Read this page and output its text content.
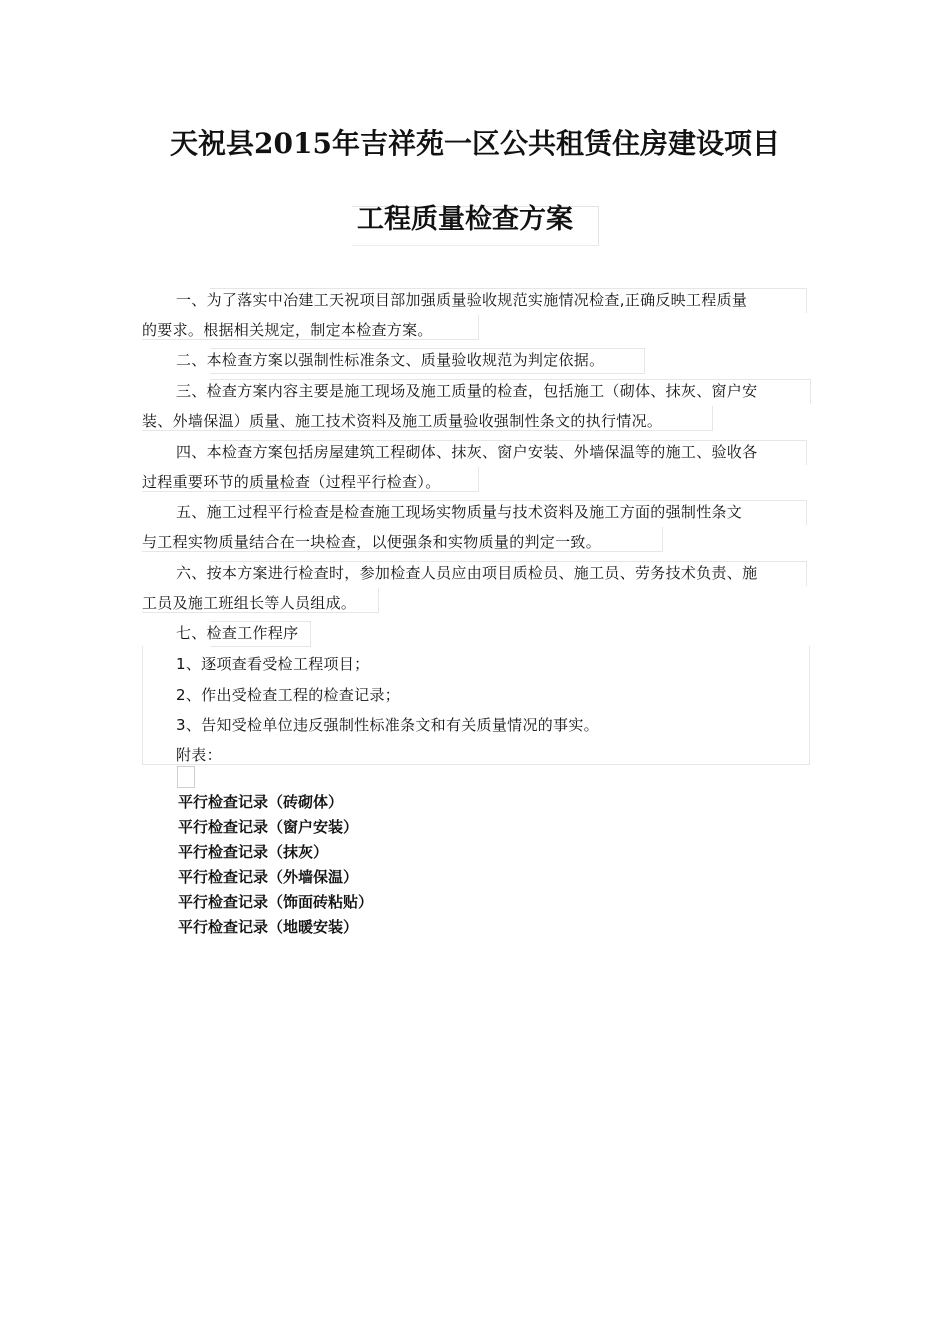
天祝县2015年吉祥苑一区公共租赁住房建设项目
工程质量检查方案
一、为了落实中冶建工天祝项目部加强质量验收规范实施情况检查,正确反映工程质量
的要求。根据相关规定，制定本检查方案。
二、本检查方案以强制性标准条文、质量验收规范为判定依据。
三、检查方案内容主要是施工现场及施工质量的检查，包括施工（砌体、抹灰、窗户安
装、外墙保温）质量、施工技术资料及施工质量验收强制性条文的执行情况。
四、本检查方案包括房屋建筑工程砌体、抹灰、窗户安装、外墙保温等的施工、验收各
过程重要环节的质量检查（过程平行检查）。
五、施工过程平行检查是检查施工现场实物质量与技术资料及施工方面的强制性条文
与工程实物质量结合在一块检查，以便强条和实物质量的判定一致。
六、按本方案进行检查时，参加检查人员应由项目质检员、施工员、劳务技术负责、施
工员及施工班组长等人员组成。
七、检查工作程序
1、逐项查看受检工程项目；
2、作出受检查工程的检查记录；
3、告知受检单位违反强制性标准条文和有关质量情况的事实。
附表：
平行检查记录（砖砌体）
平行检查记录（窗户安装）
平行检查记录（抹灰）
平行检查记录（外墙保温）
平行检查记录（饰面砖粘贴）
平行检查记录（地暖安装）
